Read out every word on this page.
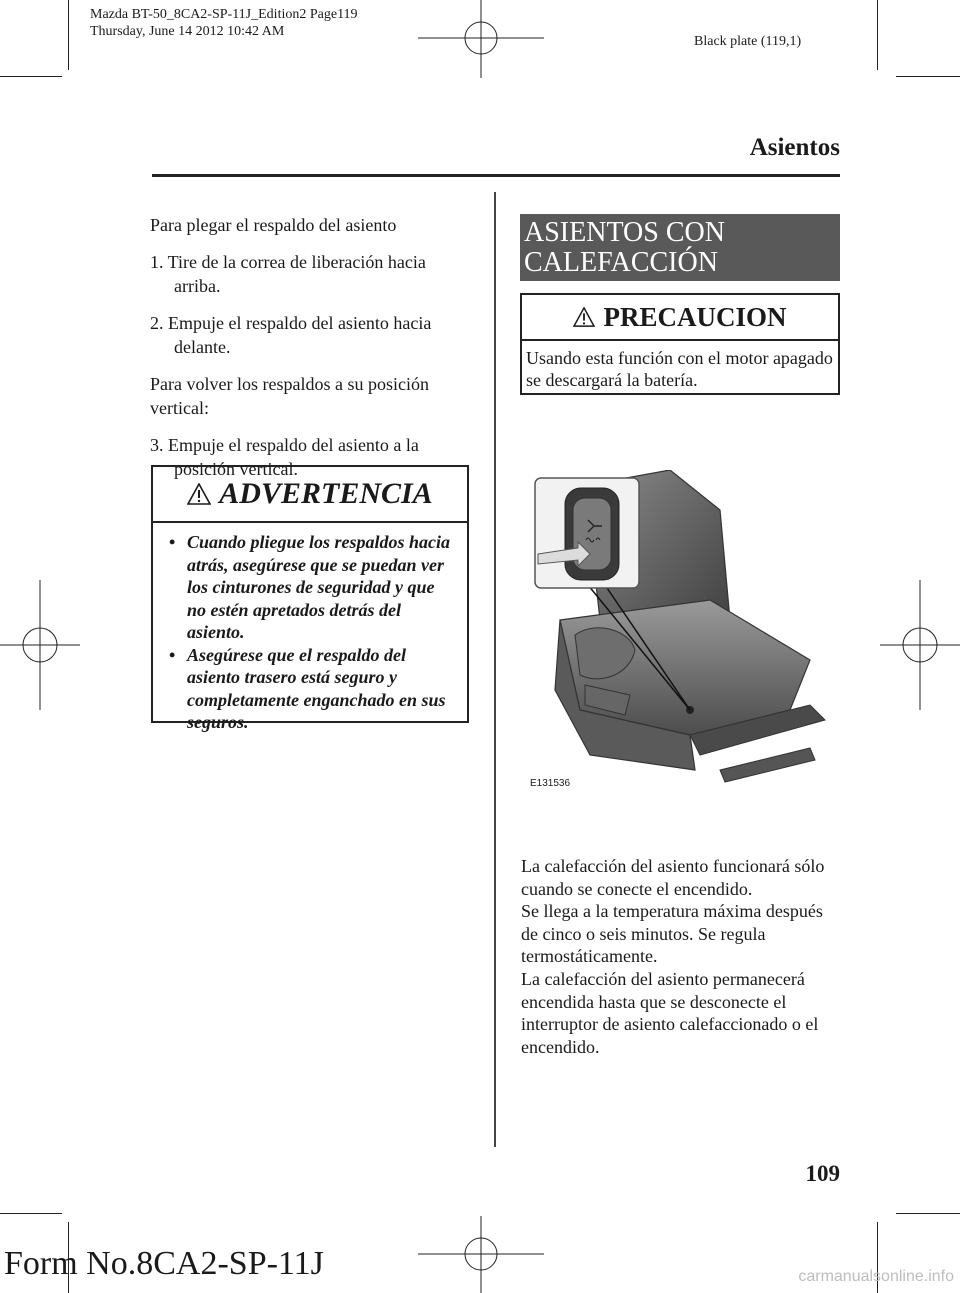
Mazda BT-50_8CA2-SP-11J_Edition2 Page119
Thursday, June 14 2012 10:42 AM
Black plate (119,1)
Asientos

Para plegar el respaldo del asiento

1. Tire de la correa de liberación hacia arriba.

2. Empuje el respaldo del asiento hacia delante.

Para volver los respaldos a su posición vertical:

3. Empuje el respaldo del asiento a la posición vertical.

ADVERTENCIA
• Cuando pliegue los respaldos hacia atrás, asegúrese que se puedan ver los cinturones de seguridad y que no estén apretados detrás del asiento.
• Asegúrese que el respaldo del asiento trasero está seguro y completamente enganchado en sus seguros.
ASIENTOS CON
CALEFACCIÓN
PRECAUCION
Usando esta función con el motor apagado se descargará la batería.
E131536

La calefacción del asiento funcionará sólo cuando se conecte el encendido.

Se llega a la temperatura máxima después de cinco o seis minutos. Se regula termostáticamente.

La calefacción del asiento permanecerá encendida hasta que se desconecte el interruptor de asiento calefaccionado o el encendido.

109
Form No.8CA2-SP-11J	carmanualsonline.info
